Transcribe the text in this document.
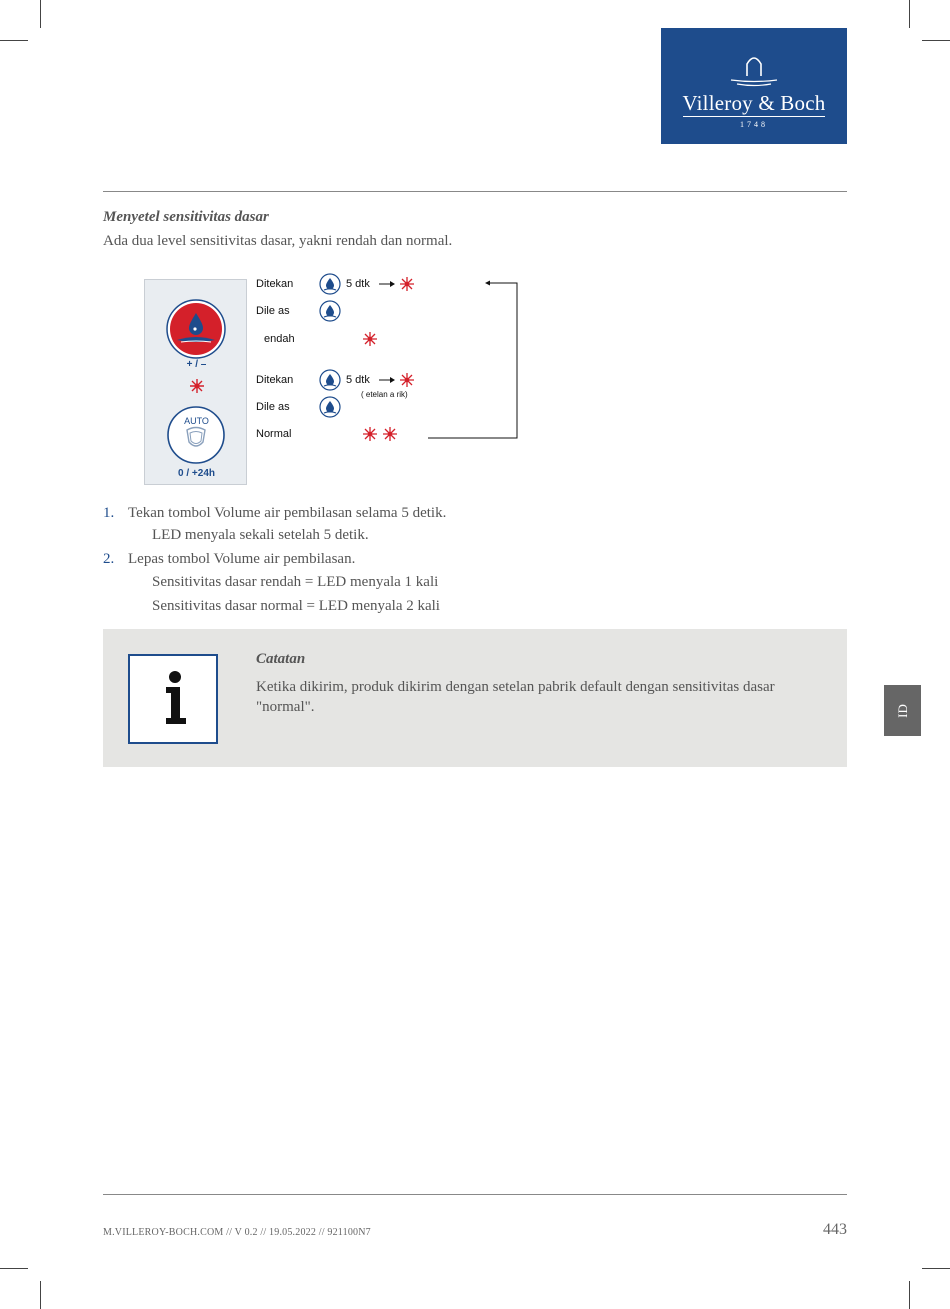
Villeroy & Boch
1748
Menyetel sensitivitas dasar
Ada dua level sensitivitas dasar, yakni rendah dan normal.
+ / –
AUTO
0 / +24h
Ditekan
Dile as
endah
Ditekan
Dile as
Normal
5 dtk
5 dtk
( etelan a rik)
1. Tekan tombol Volume air pembilasan selama 5 detik.
LED menyala sekali setelah 5 detik.
2. Lepas tombol Volume air pembilasan.
Sensitivitas dasar rendah = LED menyala 1 kali
Sensitivitas dasar normal = LED menyala 2 kali
Catatan
Ketika dikirim, produk dikirim dengan setelan pabrik default dengan sensitivitas dasar "normal".	ID
M.VILLEROY-BOCH.COM // V 0.2 // 19.05.2022 // 921100N7	443
